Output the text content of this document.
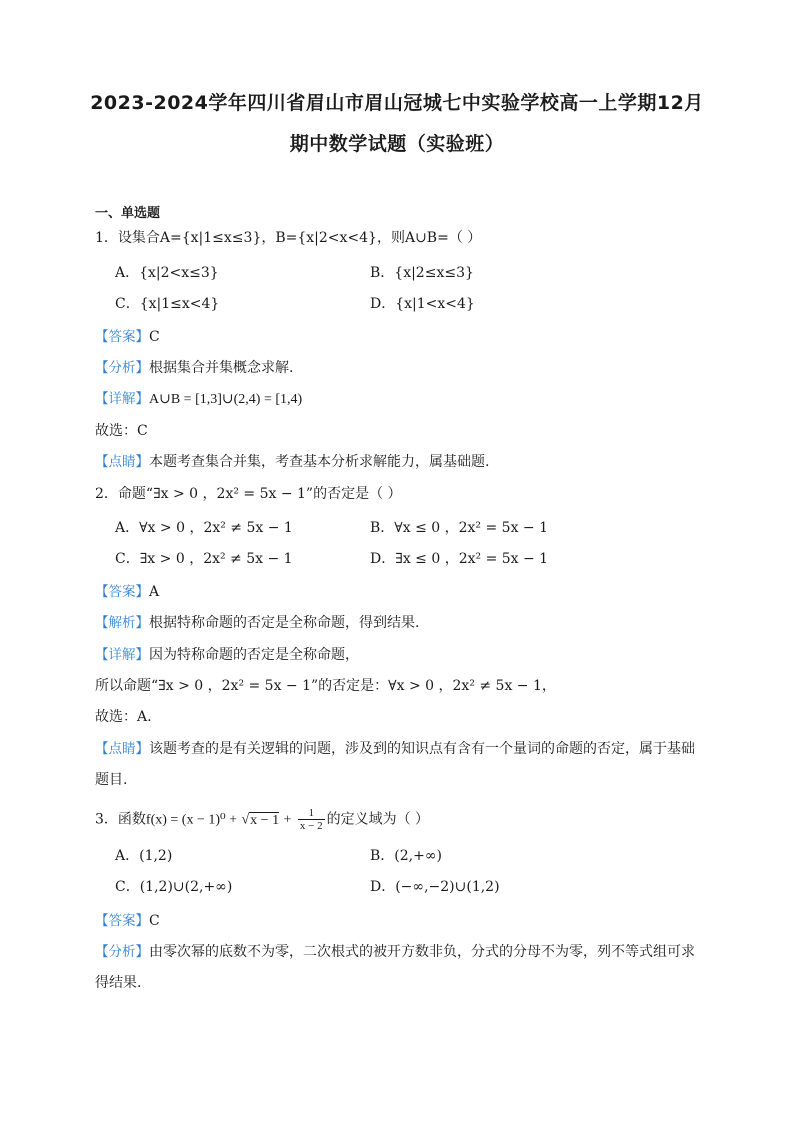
2023-2024学年四川省眉山市眉山冠城七中实验学校高一上学期12月
期中数学试题（实验班）
一、单选题
1．设集合A={x|1≤x≤3}，B={x|2<x<4}，则A∪B=（ ）
A．{x|2<x≤3}	B．{x|2≤x≤3}
C．{x|1≤x<4}	D．{x|1<x<4}
【答案】C
【分析】根据集合并集概念求解.
【详解】A∪B = [1,3]∪(2,4) = [1,4)
故选：C
【点睛】本题考查集合并集，考查基本分析求解能力，属基础题.
2．命题“∃x > 0 ，2x² = 5x − 1”的否定是（ ）
A．∀x > 0 ，2x² ≠ 5x − 1	B．∀x ≤ 0 ，2x² = 5x − 1
C．∃x > 0 ，2x² ≠ 5x − 1	D．∃x ≤ 0 ，2x² = 5x − 1
【答案】A
【解析】根据特称命题的否定是全称命题，得到结果.
【详解】因为特称命题的否定是全称命题，
所以命题“∃x > 0 ，2x² = 5x − 1”的否定是：∀x > 0 ，2x² ≠ 5x − 1，
故选：A.
【点睛】该题考查的是有关逻辑的问题，涉及到的知识点有含有一个量词的命题的否定，属于基础
题目.
3．函数$f(x) = (x - 1)^0 + √x - 1 + \frac{1}{x - 2}$ 的定义域为（ ）
A．(1,2)	B．(2,+∞)
C．(1,2)∪(2,+∞)	D．(−∞,−2)∪(1,2)
【答案】C
【分析】由零次幂的底数不为零，二次根式的被开方数非负，分式的分母不为零，列不等式组可求
得结果.
